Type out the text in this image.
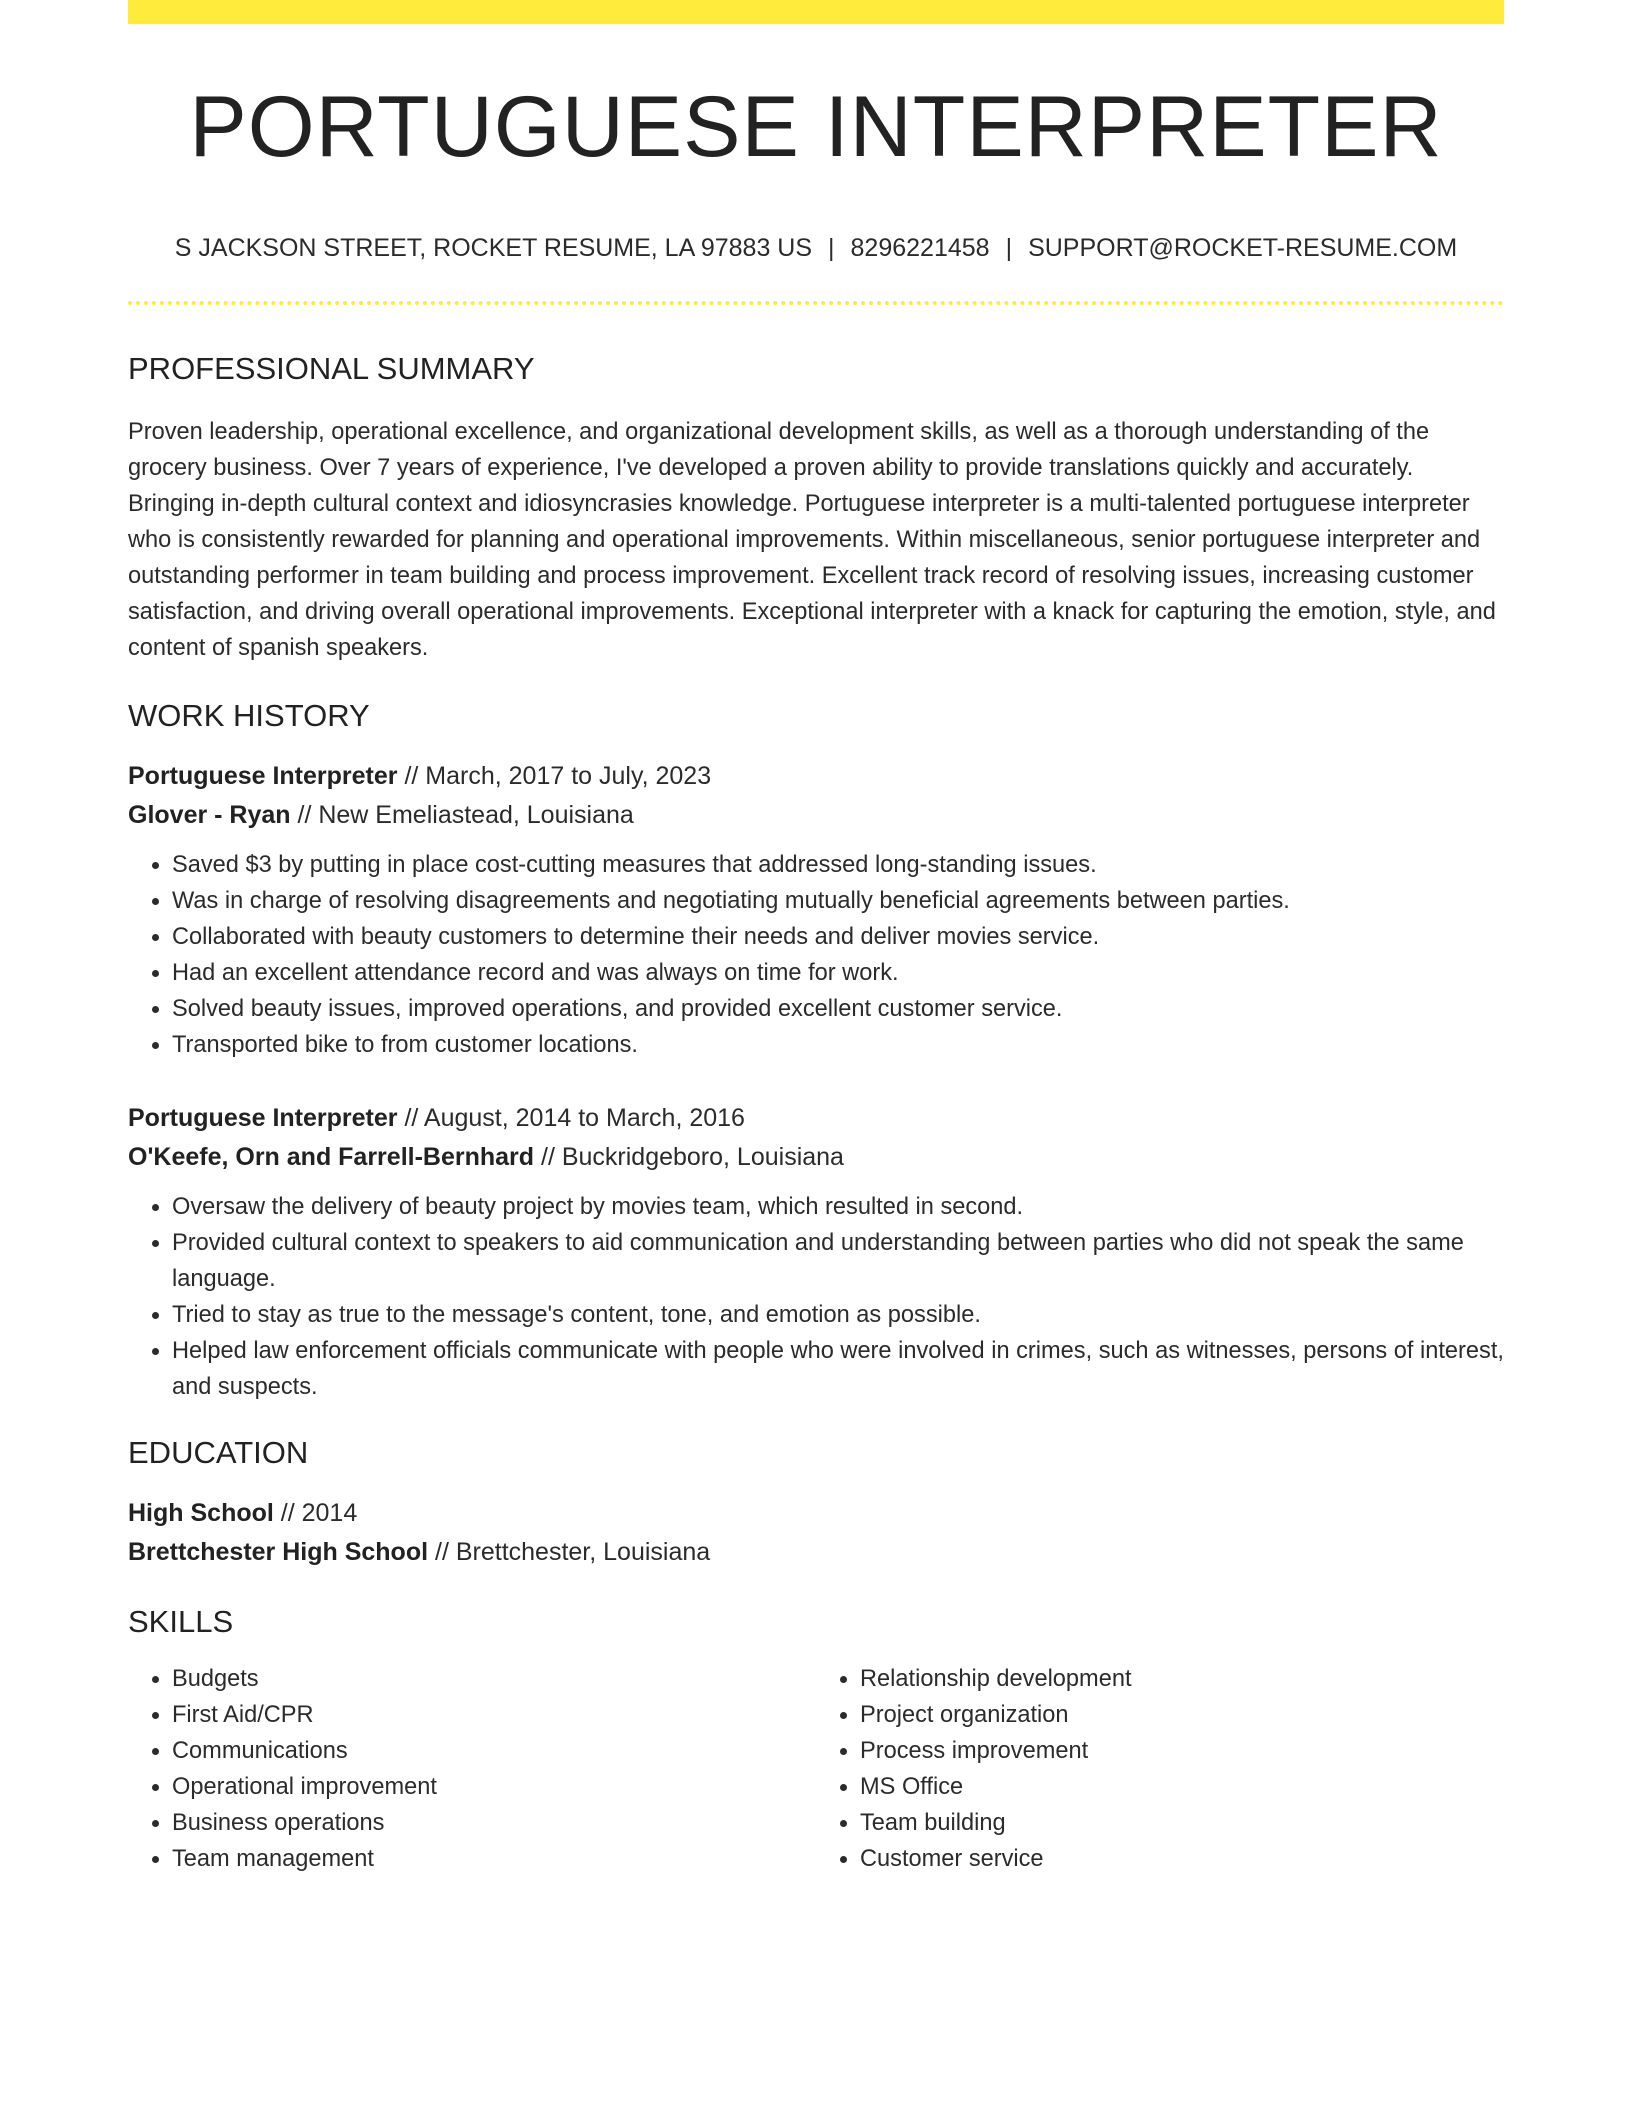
PORTUGUESE INTERPRETER
S JACKSON STREET, ROCKET RESUME, LA 97883 US | 8296221458 | SUPPORT@ROCKET-RESUME.COM
PROFESSIONAL SUMMARY
Proven leadership, operational excellence, and organizational development skills, as well as a thorough understanding of the grocery business. Over 7 years of experience, I've developed a proven ability to provide translations quickly and accurately. Bringing in-depth cultural context and idiosyncrasies knowledge. Portuguese interpreter is a multi-talented portuguese interpreter who is consistently rewarded for planning and operational improvements. Within miscellaneous, senior portuguese interpreter and outstanding performer in team building and process improvement. Excellent track record of resolving issues, increasing customer satisfaction, and driving overall operational improvements. Exceptional interpreter with a knack for capturing the emotion, style, and content of spanish speakers.
WORK HISTORY
Portuguese Interpreter // March, 2017 to July, 2023
Glover - Ryan // New Emeliastead, Louisiana
• Saved $3 by putting in place cost-cutting measures that addressed long-standing issues.
• Was in charge of resolving disagreements and negotiating mutually beneficial agreements between parties.
• Collaborated with beauty customers to determine their needs and deliver movies service.
• Had an excellent attendance record and was always on time for work.
• Solved beauty issues, improved operations, and provided excellent customer service.
• Transported bike to from customer locations.
Portuguese Interpreter // August, 2014 to March, 2016
O'Keefe, Orn and Farrell-Bernhard // Buckridgeboro, Louisiana
• Oversaw the delivery of beauty project by movies team, which resulted in second.
• Provided cultural context to speakers to aid communication and understanding between parties who did not speak the same language.
• Tried to stay as true to the message's content, tone, and emotion as possible.
• Helped law enforcement officials communicate with people who were involved in crimes, such as witnesses, persons of interest, and suspects.
EDUCATION
High School // 2014
Brettchester High School // Brettchester, Louisiana
SKILLS
• Budgets
• First Aid/CPR
• Communications
• Operational improvement
• Business operations
• Team management
• Relationship development
• Project organization
• Process improvement
• MS Office
• Team building
• Customer service
